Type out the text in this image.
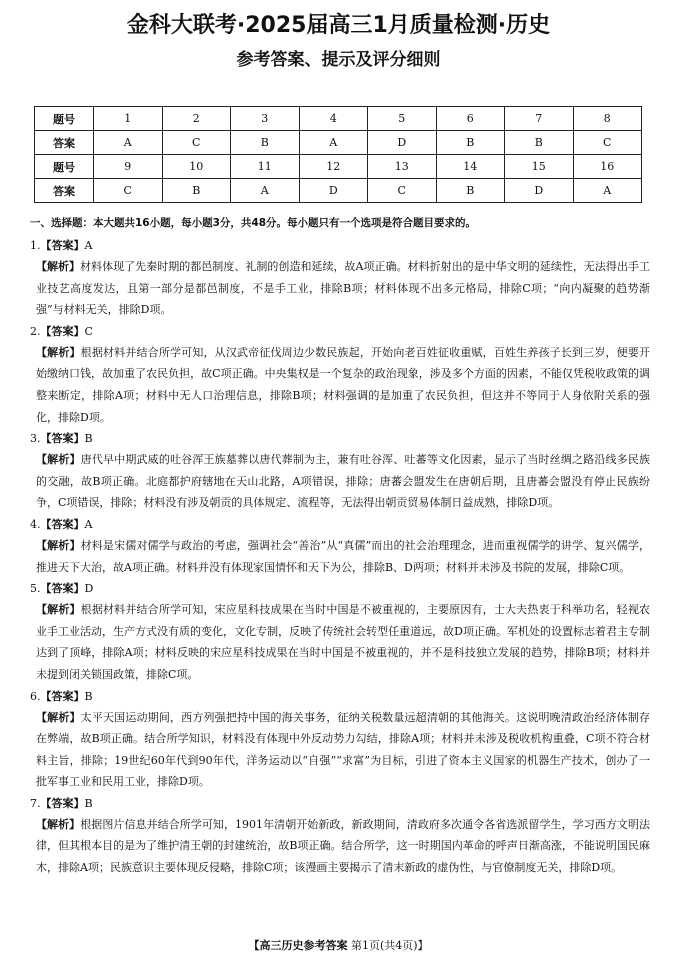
金科大联考·2025届高三1月质量检测·历史
参考答案、提示及评分细则
题号	1	2	3	4	5	6	7	8
答案	A	C	B	A	D	B	B	C
题号	9	10	11	12	13	14	15	16
答案	C	B	A	D	C	B	D	A
一、选择题：本大题共16小题，每小题3分，共48分。每小题只有一个选项是符合题目要求的。
1.【答案】A
【解析】材料体现了先秦时期的都邑制度、礼制的创造和延续，故A项正确。材料折射出的是中华文明的延续性，无法得出手工业技艺高度发达，且第一部分是都邑制度，不是手工业，排除B项；材料体现不出多元格局，排除C项；“向内凝聚的趋势渐强”与材料无关，排除D项。
2.【答案】C
【解析】根据材料并结合所学可知，从汉武帝征伐周边少数民族起，开始向老百姓征收重赋，百姓生养孩子长到三岁，便要开始缴纳口钱，故加重了农民负担，故C项正确。中央集权是一个复杂的政治现象，涉及多个方面的因素，不能仅凭税收政策的调整来断定，排除A项；材料中无人口治理信息，排除B项；材料强调的是加重了农民负担，但这并不等同于人身依附关系的强化，排除D项。
3.【答案】B
【解析】唐代早中期武威的吐谷浑王族墓葬以唐代葬制为主，兼有吐谷浑、吐蕃等文化因素，显示了当时丝绸之路沿线多民族的交融，故B项正确。北庭都护府辖地在天山北路，A项错误，排除；唐蕃会盟发生在唐朝后期，且唐蕃会盟没有停止民族纷争，C项错误，排除；材料没有涉及朝贡的具体规定、流程等，无法得出朝贡贸易体制日益成熟，排除D项。
4.【答案】A
【解析】材料是宋儒对儒学与政治的考虑，强调社会“善治”从“真儒”而出的社会治理理念，进而重视儒学的讲学、复兴儒学，推进天下大治，故A项正确。材料并没有体现家国情怀和天下为公，排除B、D两项；材料并未涉及书院的发展，排除C项。
5.【答案】D
【解析】根据材料并结合所学可知，宋应星科技成果在当时中国是不被重视的，主要原因有，士大夫热衷于科举功名，轻视农业手工业活动，生产方式没有质的变化，文化专制，反映了传统社会转型任重道远，故D项正确。军机处的设置标志着君主专制达到了顶峰，排除A项；材料反映的宋应星科技成果在当时中国是不被重视的，并不是科技独立发展的趋势，排除B项；材料并未提到闭关锁国政策，排除C项。
6.【答案】B
【解析】太平天国运动期间，西方列强把持中国的海关事务，征纳关税数量远超清朝的其他海关。这说明晚清政治经济体制存在弊端，故B项正确。结合所学知识，材料没有体现中外反动势力勾结，排除A项；材料并未涉及税收机构重叠，C项不符合材料主旨，排除；19世纪60年代到90年代，洋务运动以“自强”“求富”为目标，引进了资本主义国家的机器生产技术，创办了一批军事工业和民用工业，排除D项。
7.【答案】B
【解析】根据图片信息并结合所学可知，1901年清朝开始新政，新政期间，清政府多次通令各省选派留学生，学习西方文明法律，但其根本目的是为了维护清王朝的封建统治，故B项正确。结合所学，这一时期国内革命的呼声日渐高涨，不能说明国民麻木，排除A项；民族意识主要体现反侵略，排除C项；该漫画主要揭示了清末新政的虚伪性，与官僚制度无关，排除D项。
【高三历史参考答案 第1页(共4页)】
